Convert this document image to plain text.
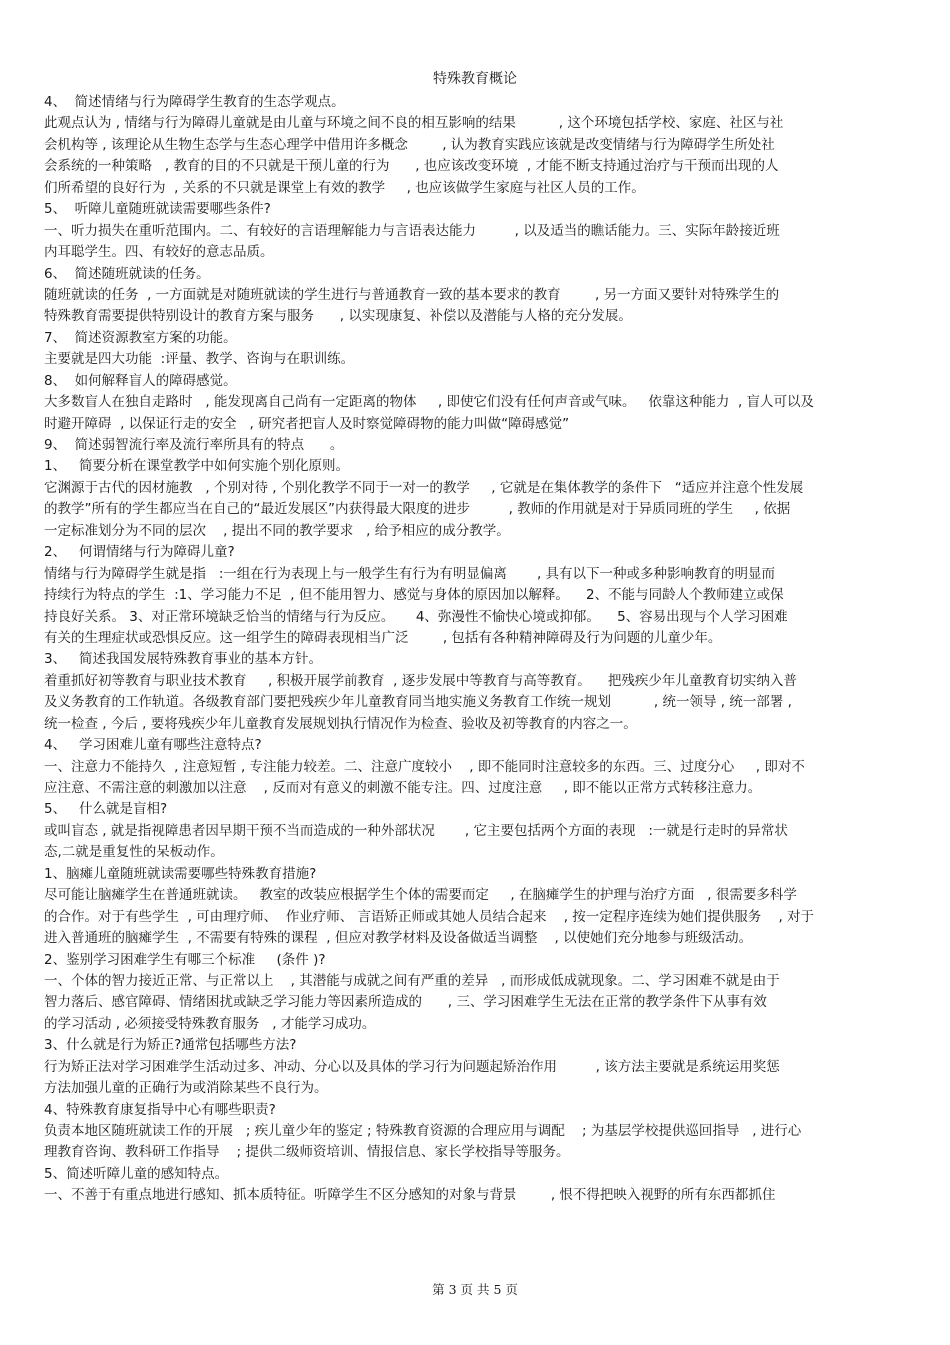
特殊教育概论
4、  简述情绪与行为障碍学生教育的生态学观点。
此观点认为 , 情绪与行为障碍儿童就是由儿童与环境之间不良的相互影响的结果          , 这个环境包括学校、家庭、社区与社
会机构等 , 该理论从生物生态学与生态心理学中借用许多概念        , 认为教育实践应该就是改变情绪与行为障碍学生所处社
会系统的一种策略   , 教育的目的不只就是干预儿童的行为      , 也应该改变环境  , 才能不断支持通过治疗与干预而出现的人
们所希望的良好行为  , 关系的不只就是课堂上有效的教学     , 也应该做学生家庭与社区人员的工作。
5、  听障儿童随班就读需要哪些条件?
一、听力损失在重听范围内。二、有较好的言语理解能力与言语表达能力         , 以及适当的瞧话能力。三、实际年龄接近班
内耳聪学生。四、有较好的意志品质。
6、  简述随班就读的任务。
随班就读的任务  , 一方面就是对随班就读的学生进行与普通教育一致的基本要求的教育        , 另一方面又要针对特殊学生的
特殊教育需要提供特别设计的教育方案与服务      , 以实现康复、补偿以及潜能与人格的充分发展。
7、  简述资源教室方案的功能。
主要就是四大功能  :评量、教学、咨询与在职训练。
8、  如何解释盲人的障碍感觉。
大多数盲人在独自走路时   , 能发现离自己尚有一定距离的物体     , 即使它们没有任何声音或气味。   依靠这种能力  , 盲人可以及
时避开障碍  , 以保证行走的安全   , 研究者把盲人及时察觉障碍物的能力叫做“障碍感觉”
9、  简述弱智流行率及流行率所具有的特点      。
1、   简要分析在课堂教学中如何实施个别化原则。
它渊源于古代的因材施教   , 个别对待 , 个别化教学不同于一对一的教学     , 它就是在集体教学的条件下   “适应并注意个性发展
的教学”所有的学生都应当在自己的“最近发展区”内获得最大限度的进步         , 教师的作用就是对于异质同班的学生     , 依据
一定标准划分为不同的层次    , 提出不同的教学要求   , 给予相应的成分教学。
2、   何谓情绪与行为障碍儿童?
情绪与行为障碍学生就是指   :一组在行为表现上与一般学生有行为有明显偏离       , 具有以下一种或多种影响教育的明显而
持续行为特点的学生  :1、学习能力不足  , 但不能用智力、感觉与身体的原因加以解释。    2、不能与同龄人个教师建立或保
持良好关系。 3、对正常环境缺乏恰当的情绪与行为反应。     4、弥漫性不愉快心境或抑郁。    5、容易出现与个人学习困难
有关的生理症状或恐惧反应。这一组学生的障碍表现相当广泛        , 包括有各种精神障碍及行为问题的儿童少年。
3、   简述我国发展特殊教育事业的基本方针。
着重抓好初等教育与职业技术教育     , 积极开展学前教育  , 逐步发展中等教育与高等教育。    把残疾少年儿童教育切实纳入普
及义务教育的工作轨道。各级教育部门要把残疾少年儿童教育同当地实施义务教育工作统一规划          , 统一领导 , 统一部署 ,
统一检查 , 今后 , 要将残疾少年儿童教育发展规划执行情况作为检查、验收及初等教育的内容之一。
4、   学习困难儿童有哪些注意特点?
一、注意力不能持久  , 注意短暂 , 专注能力较差。二、注意广度较小    , 即不能同时注意较多的东西。三、过度分心     , 即对不
应注意、不需注意的刺激加以注意    , 反而对有意义的刺激不能专注。四、过度注意     , 即不能以正常方式转移注意力。
5、   什么就是盲相?
或叫盲态 , 就是指视障患者因早期干预不当而造成的一种外部状况       , 它主要包括两个方面的表现   :一就是行走时的异常状
态,二就是重复性的呆板动作。
1、脑瘫儿童随班就读需要哪些特殊教育措施?
尽可能让脑瘫学生在普通班就读。   教室的改装应根据学生个体的需要而定     , 在脑瘫学生的护理与治疗方面   , 很需要多科学
的合作。对于有些学生  , 可由理疗师、  作业疗师、 言语矫正师或其她人员结合起来    , 按一定程序连续为她们提供服务    , 对于
进入普通班的脑瘫学生  , 不需要有特殊的课程  , 但应对教学材料及设备做适当调整    , 以使她们充分地参与班级活动。
2、鉴别学习困难学生有哪三个标准     (条件 )?
一、个体的智力接近正常、与正常以上    , 其潜能与成就之间有严重的差异   , 而形成低成就现象。二、学习困难不就是由于
智力落后、感官障碍、情绪困扰或缺乏学习能力等因素所造成的      , 三、学习困难学生无法在正常的教学条件下从事有效
的学习活动 , 必须接受特殊教育服务   , 才能学习成功。
3、什么就是行为矫正?通常包括哪些方法?
行为矫正法对学习困难学生活动过多、冲动、分心以及具体的学习行为问题起矫治作用         , 该方法主要就是系统运用奖惩
方法加强儿童的正确行为或消除某些不良行为。
4、特殊教育康复指导中心有哪些职责?
负责本地区随班就读工作的开展   ; 疾儿童少年的鉴定 ; 特殊教育资源的合理应用与调配    ; 为基层学校提供巡回指导   , 进行心
理教育咨询、教科研工作指导    ; 提供二级师资培训、情报信息、家长学校指导等服务。
5、简述听障儿童的感知特点。
一、不善于有重点地进行感知、抓本质特征。听障学生不区分感知的对象与背景        , 恨不得把映入视野的所有东西都抓住
第 3 页 共 5 页
